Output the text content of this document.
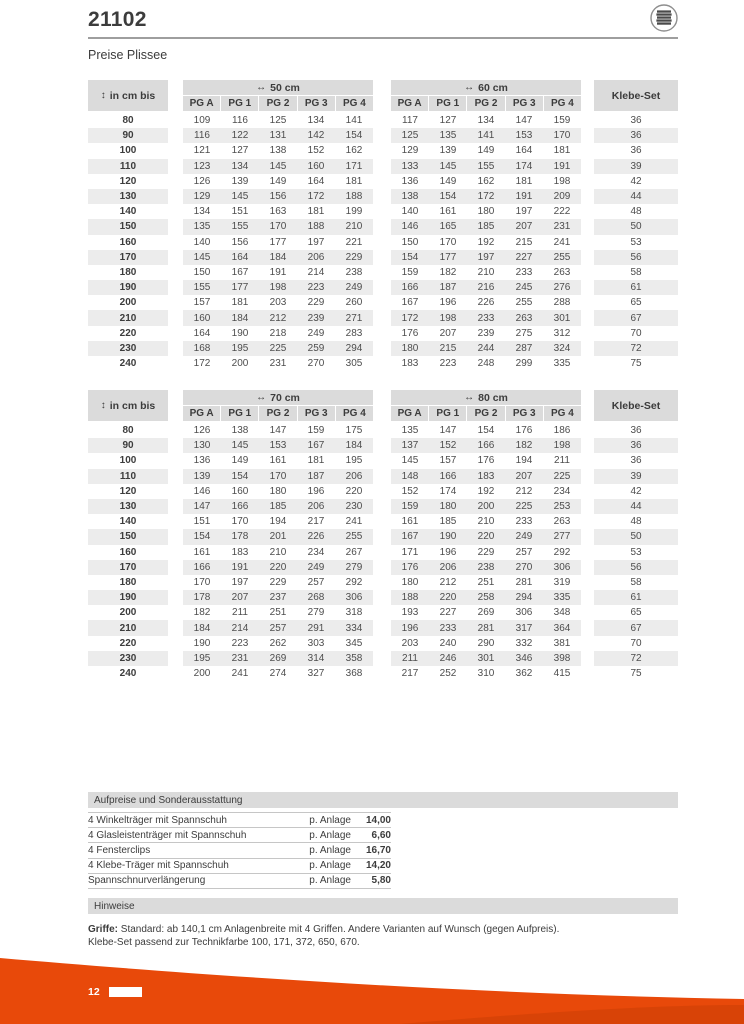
21102
Preise Plissee
↕ in cm bis
↔ 50 cm
PG A	PG 1	PG 2	PG 3	PG 4
↔ 60 cm
PG A	PG 1	PG 2	PG 3	PG 4
Klebe-Set
80	109	116	125	134	141	117	127	134	147	159	36
90	116	122	131	142	154	125	135	141	153	170	36
100	121	127	138	152	162	129	139	149	164	181	36
110	123	134	145	160	171	133	145	155	174	191	39
120	126	139	149	164	181	136	149	162	181	198	42
130	129	145	156	172	188	138	154	172	191	209	44
140	134	151	163	181	199	140	161	180	197	222	48
150	135	155	170	188	210	146	165	185	207	231	50
160	140	156	177	197	221	150	170	192	215	241	53
170	145	164	184	206	229	154	177	197	227	255	56
180	150	167	191	214	238	159	182	210	233	263	58
190	155	177	198	223	249	166	187	216	245	276	61
200	157	181	203	229	260	167	196	226	255	288	65
210	160	184	212	239	271	172	198	233	263	301	67
220	164	190	218	249	283	176	207	239	275	312	70
230	168	195	225	259	294	180	215	244	287	324	72
240	172	200	231	270	305	183	223	248	299	335	75
↕ in cm bis
↔ 70 cm
PG A	PG 1	PG 2	PG 3	PG 4
↔ 80 cm
PG A	PG 1	PG 2	PG 3	PG 4
Klebe-Set
80	126	138	147	159	175	135	147	154	176	186	36
90	130	145	153	167	184	137	152	166	182	198	36
100	136	149	161	181	195	145	157	176	194	211	36
110	139	154	170	187	206	148	166	183	207	225	39
120	146	160	180	196	220	152	174	192	212	234	42
130	147	166	185	206	230	159	180	200	225	253	44
140	151	170	194	217	241	161	185	210	233	263	48
150	154	178	201	226	255	167	190	220	249	277	50
160	161	183	210	234	267	171	196	229	257	292	53
170	166	191	220	249	279	176	206	238	270	306	56
180	170	197	229	257	292	180	212	251	281	319	58
190	178	207	237	268	306	188	220	258	294	335	61
200	182	211	251	279	318	193	227	269	306	348	65
210	184	214	257	291	334	196	233	281	317	364	67
220	190	223	262	303	345	203	240	290	332	381	70
230	195	231	269	314	358	211	246	301	346	398	72
240	200	241	274	327	368	217	252	310	362	415	75
Aufpreise und Sonderausstattung
4 Winkelträger mit Spannschuh	p. Anlage	14,00
4 Glasleistenträger mit Spannschuh	p. Anlage	6,60
4 Fensterclips	p. Anlage	16,70
4 Klebe-Träger mit Spannschuh	p. Anlage	14,20
Spannschnurverlängerung	p. Anlage	5,80
Hinweise
Griffe: Standard: ab 140,1 cm Anlagenbreite mit 4 Griffen. Andere Varianten auf Wunsch (gegen Aufpreis).
Klebe-Set passend zur Technikfarbe 100, 171, 372, 650, 670.
12
